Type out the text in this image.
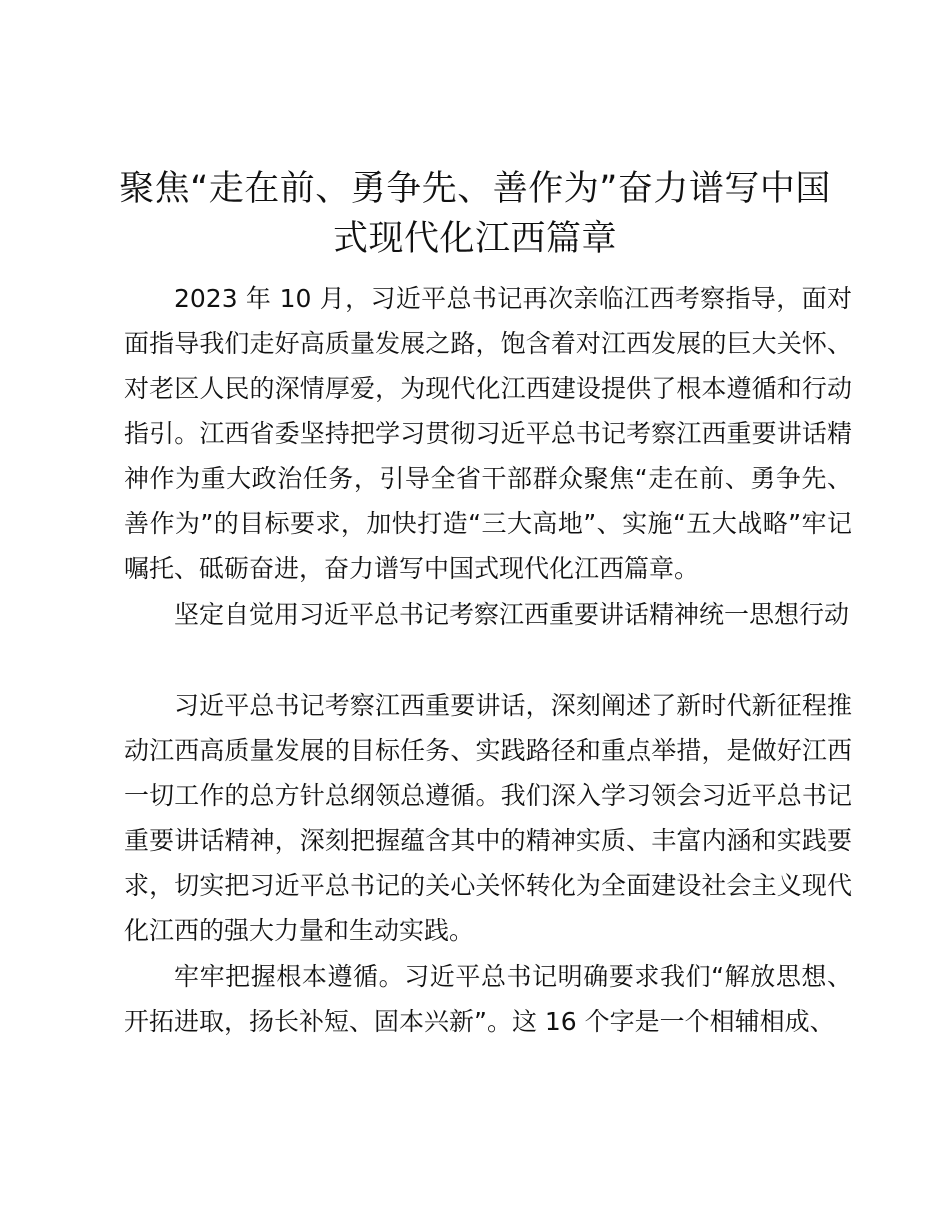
聚焦“走在前、勇争先、善作为”奋力谱写中国式现代化江西篇章

2023 年 10 月，习近平总书记再次亲临江西考察指导，面对面指导我们走好高质量发展之路，饱含着对江西发展的巨大关怀、对老区人民的深情厚爱，为现代化江西建设提供了根本遵循和行动指引。江西省委坚持把学习贯彻习近平总书记考察江西重要讲话精神作为重大政治任务，引导全省干部群众聚焦“走在前、勇争先、善作为”的目标要求，加快打造“三大高地”、实施“五大战略”牢记嘱托、砥砺奋进，奋力谱写中国式现代化江西篇章。

坚定自觉用习近平总书记考察江西重要讲话精神统一思想行动

习近平总书记考察江西重要讲话，深刻阐述了新时代新征程推动江西高质量发展的目标任务、实践路径和重点举措，是做好江西一切工作的总方针总纲领总遵循。我们深入学习领会习近平总书记重要讲话精神，深刻把握蕴含其中的精神实质、丰富内涵和实践要求，切实把习近平总书记的关心关怀转化为全面建设社会主义现代化江西的强大力量和生动实践。

牢牢把握根本遵循。习近平总书记明确要求我们“解放思想、开拓进取，扬长补短、固本兴新”。这 16 个字是一个相辅相成、
